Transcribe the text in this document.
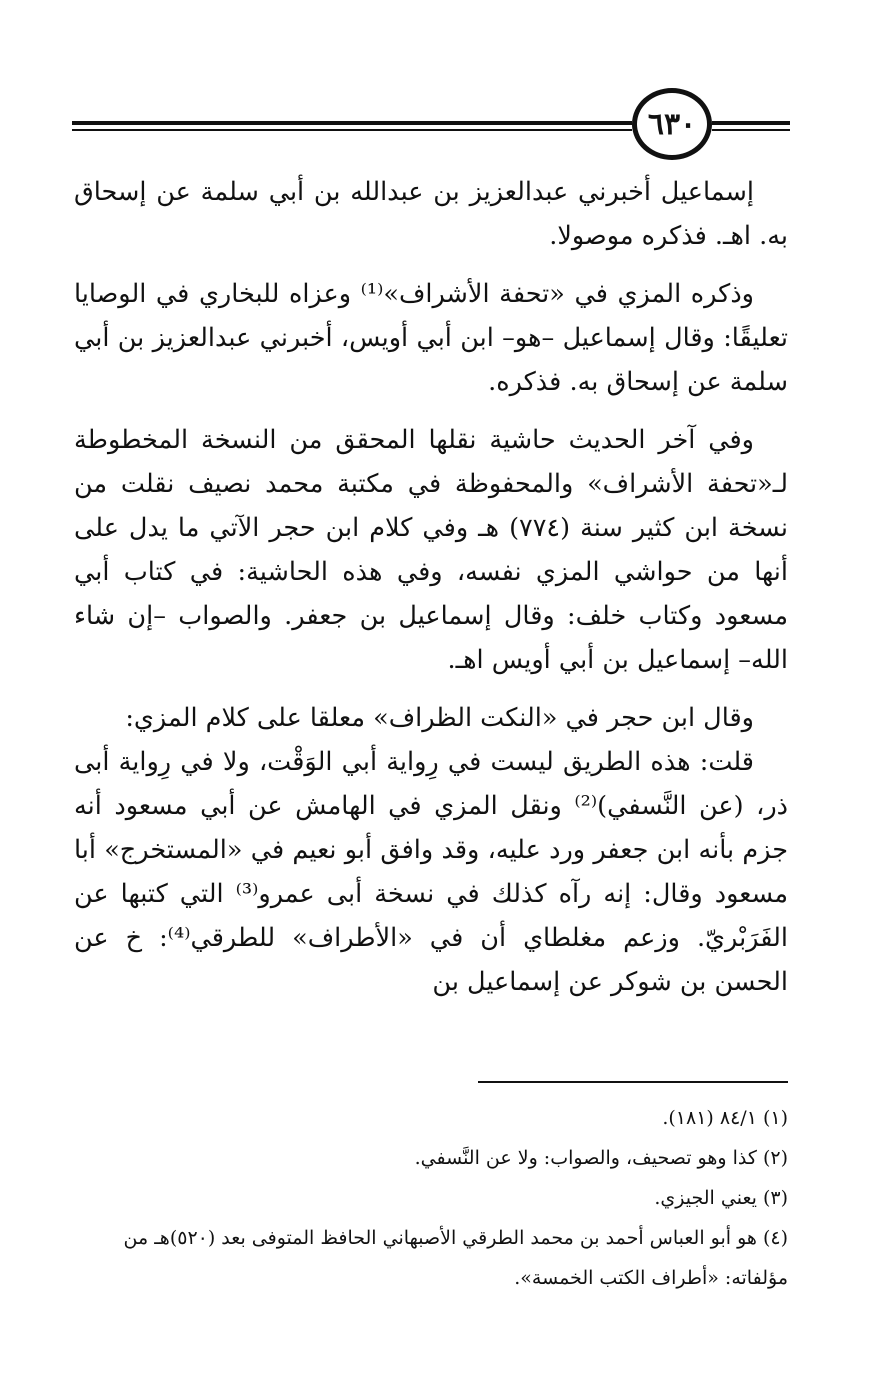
٦٣٠

إسماعيل أخبرني عبدالعزيز بن عبدالله بن أبي سلمة عن إسحاق به. اهـ. فذكره موصولا.

وذكره المزي في «تحفة الأشراف»⁽¹⁾ وعزاه للبخاري في الوصايا تعليقًا: وقال إسماعيل –هو– ابن أبي أويس، أخبرني عبدالعزيز بن أبي سلمة عن إسحاق به. فذكره.

وفي آخر الحديث حاشية نقلها المحقق من النسخة المخطوطة لـ«تحفة الأشراف» والمحفوظة في مكتبة محمد نصيف نقلت من نسخة ابن كثير سنة (٧٧٤) هـ وفي كلام ابن حجر الآتي ما يدل على أنها من حواشي المزي نفسه، وفي هذه الحاشية: في كتاب أبي مسعود وكتاب خلف: وقال إسماعيل بن جعفر. والصواب –إن شاء الله– إسماعيل بن أبي أويس اهـ.

وقال ابن حجر في «النكت الظراف» معلقا على كلام المزي:

قلت: هذه الطريق ليست في رِواية أبي الوَقْت، ولا في رِواية أبى ذر، (عن النَّسفي)⁽²⁾ ونقل المزي في الهامش عن أبي مسعود أنه جزم بأنه ابن جعفر ورد عليه، وقد وافق أبو نعيم في «المستخرج» أبا مسعود وقال: إنه رآه كذلك في نسخة أبى عمرو⁽³⁾ التي كتبها عن الفَرَبْريّ. وزعم مغلطاي أن في «الأطراف» للطرقي⁽⁴⁾: خ عن الحسن بن شوكر عن إسماعيل بن

(١) ١/‏٨٤ (١٨١).

(٢) كذا وهو تصحيف، والصواب: ولا عن النَّسفي.

(٣) يعني الجيزي.

(٤) هو أبو العباس أحمد بن محمد الطرقي الأصبهاني الحافظ المتوفى بعد (٥٢٠)هـ من مؤلفاته: «أطراف الكتب الخمسة».
